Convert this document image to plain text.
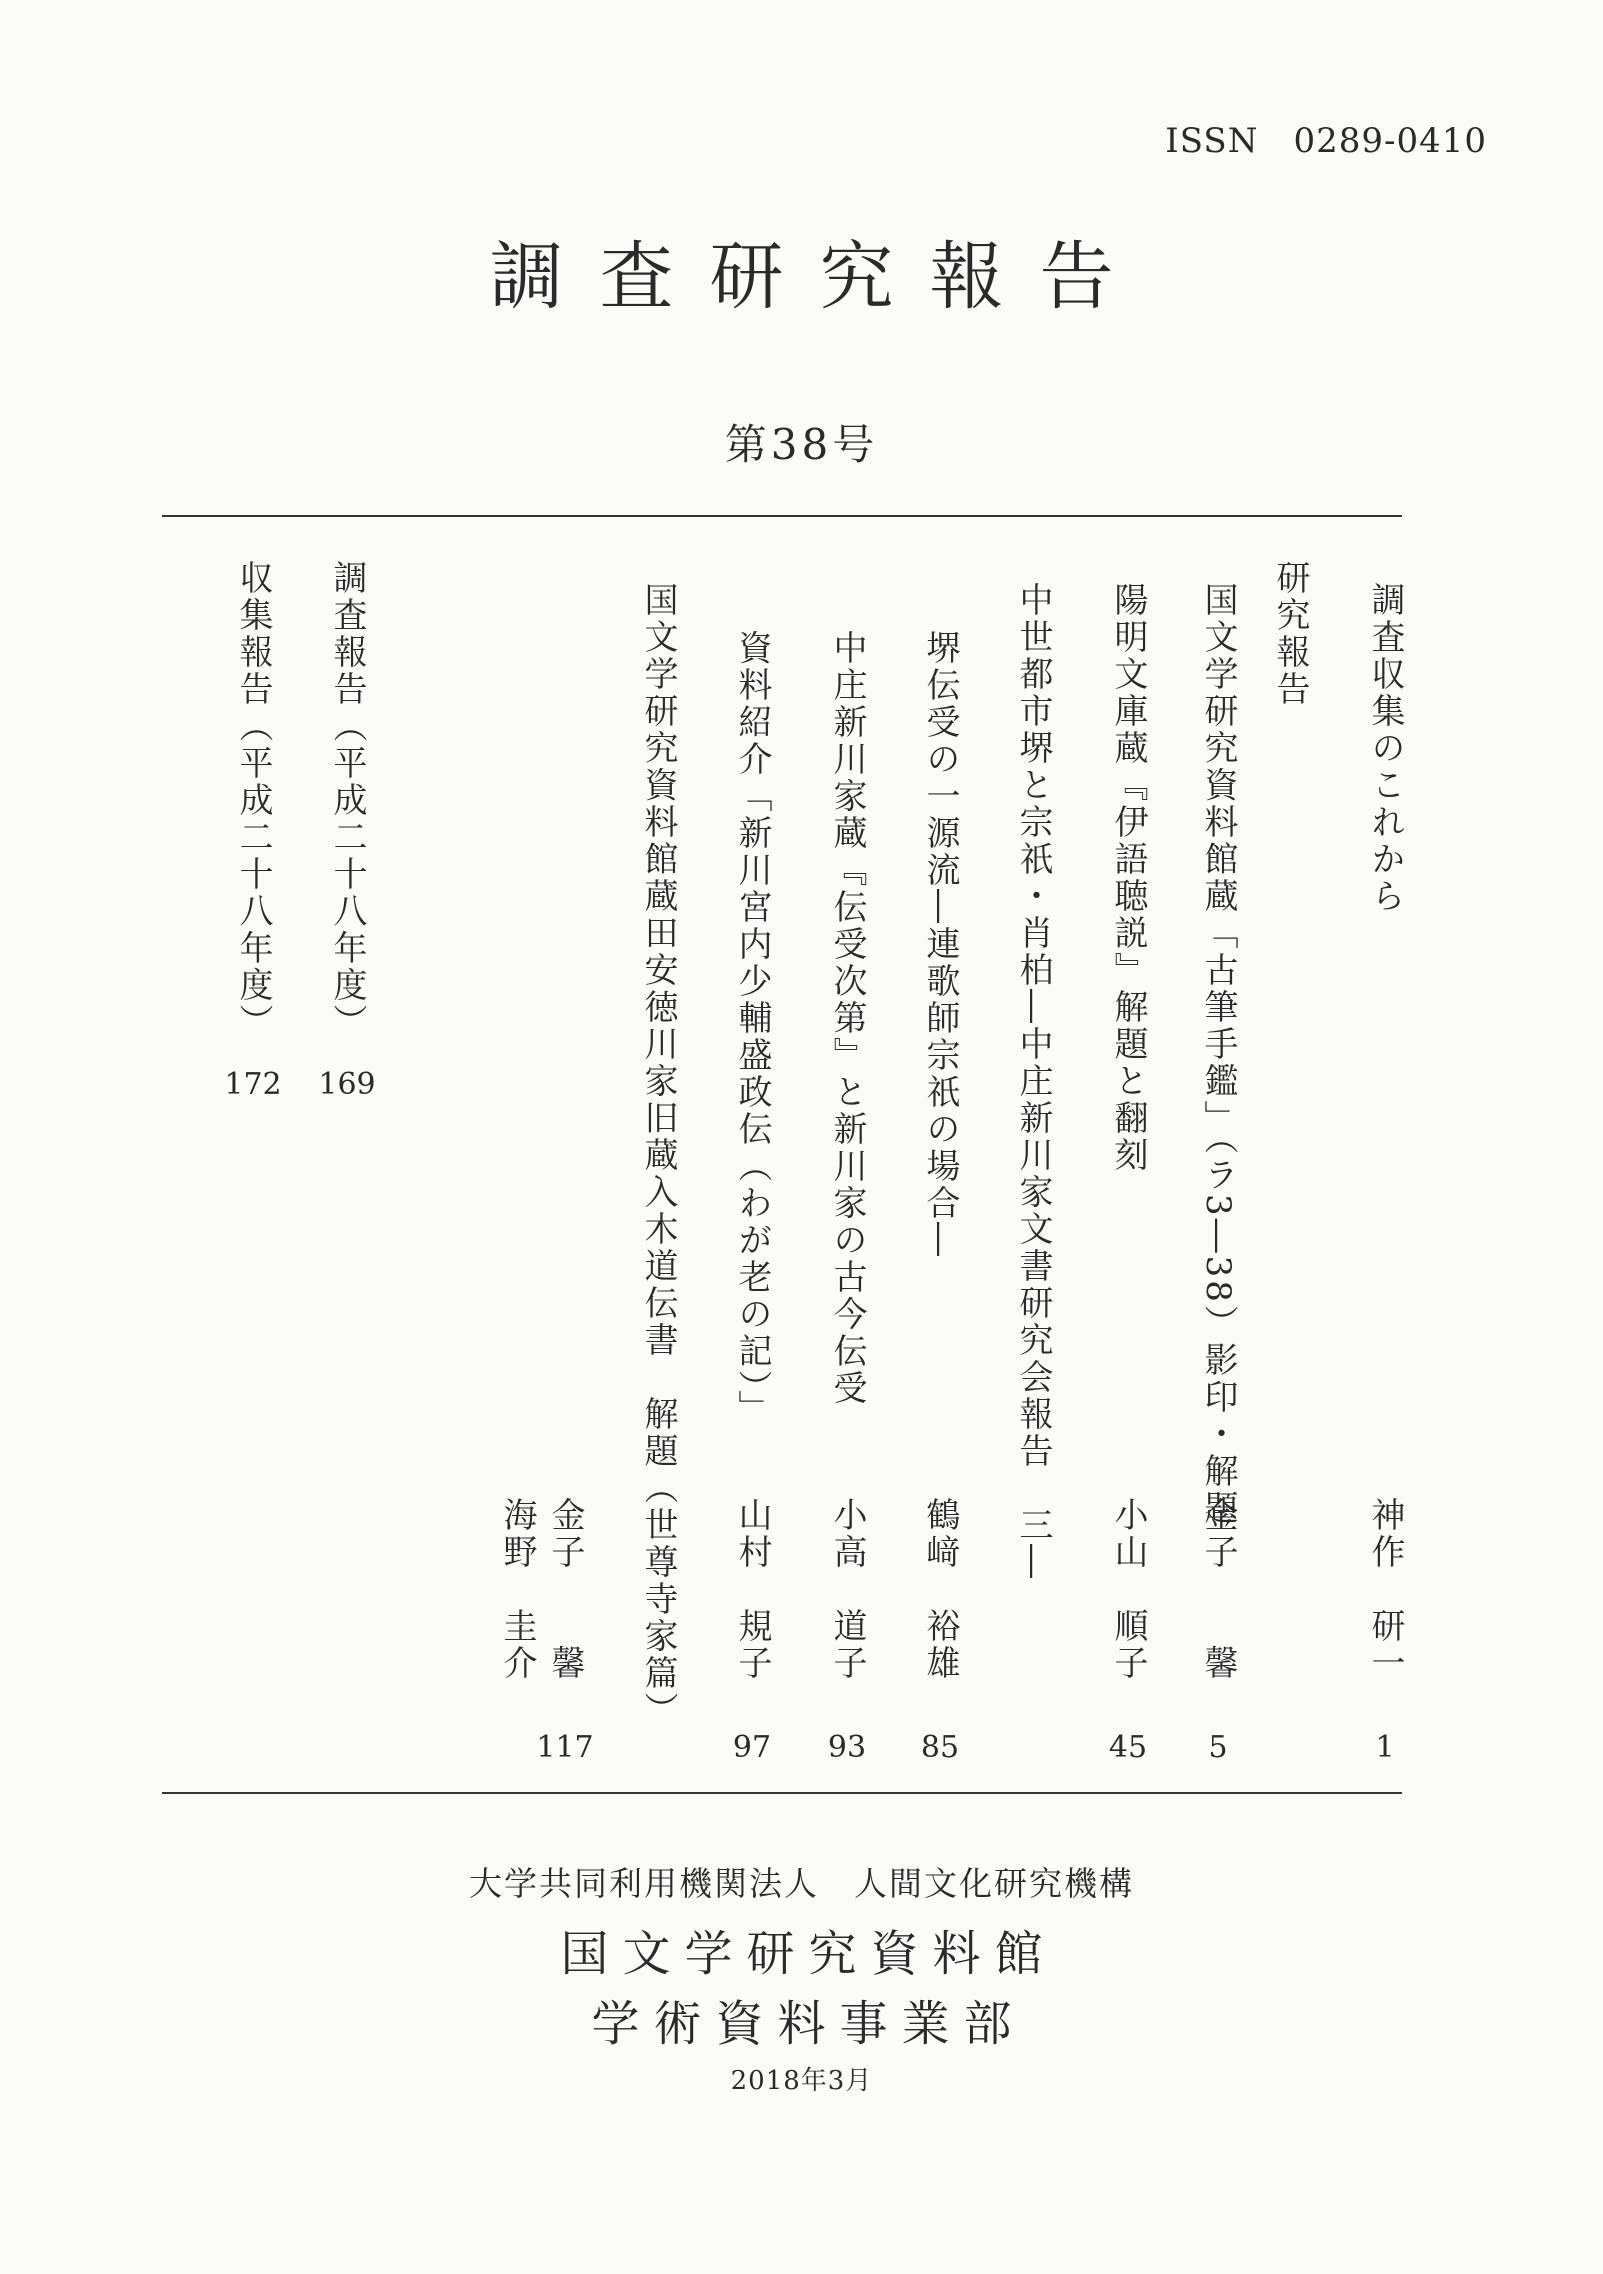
ISSN　0289-0410
調査研究報告
第38号
調査収集のこれから
神作　研一
1
研究報告
国文学研究資料館蔵「古筆手鑑」（ラ3―38）影印・解題
金子　　馨
5
陽明文庫蔵『伊語聴説』解題と翻刻
小山　順子
45
中世都市堺と宗祇・肖柏―中庄新川家文書研究会報告　三―
堺伝受の一源流―連歌師宗祇の場合―
鶴﨑　裕雄
85
中庄新川家蔵『伝受次第』と新川家の古今伝受
小高　道子
93
資料紹介「新川宮内少輔盛政伝（わが老の記）」
山村　規子
97
国文学研究資料館蔵田安徳川家旧蔵入木道伝書　解題（世尊寺家篇）
金子　　馨
117
海野　圭介
調査報告（平成二十八年度）
169
収集報告（平成二十八年度）
172
大学共同利用機関法人　人間文化研究機構
国文学研究資料館
学術資料事業部
2018年3月
